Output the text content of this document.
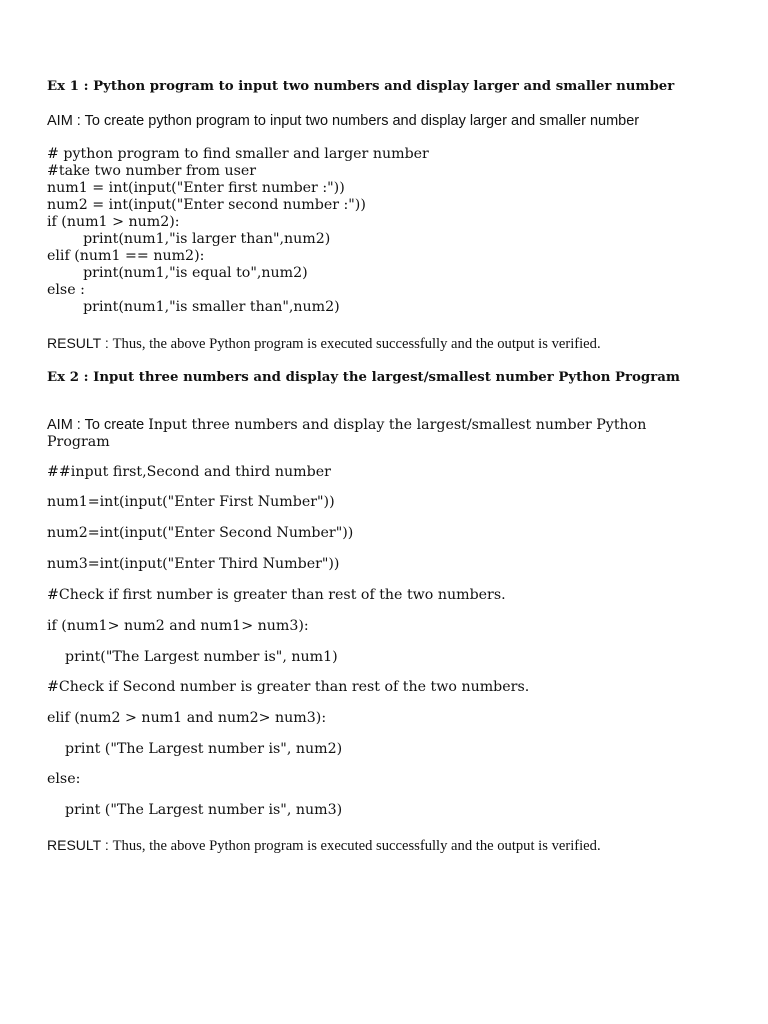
Ex 1 : Python program to input two numbers and display larger and smaller number
AIM : To create python program to input two numbers and display larger and smaller number
# python program to find smaller and larger number
#take two number from user
num1 = int(input("Enter first number :"))
num2 = int(input("Enter second number :"))
if (num1 > num2):
print(num1,"is larger than",num2)
elif (num1 == num2):
print(num1,"is equal to",num2)
else :
print(num1,"is smaller than",num2)
RESULT : Thus, the above Python program is executed successfully and the output is verified.
Ex 2 : Input three numbers and display the largest/smallest number Python Program
AIM : To create Input three numbers and display the largest/smallest number Python Program
##input first,Second and third number
num1=int(input("Enter First Number"))
num2=int(input("Enter Second Number"))
num3=int(input("Enter Third Number"))
#Check if first number is greater than rest of the two numbers.
if (num1> num2 and num1> num3):
print("The Largest number is", num1)
#Check if Second number is greater than rest of the two numbers.
elif (num2 > num1 and num2> num3):
print ("The Largest number is", num2)
else:
print ("The Largest number is", num3)
RESULT : Thus, the above Python program is executed successfully and the output is verified.
